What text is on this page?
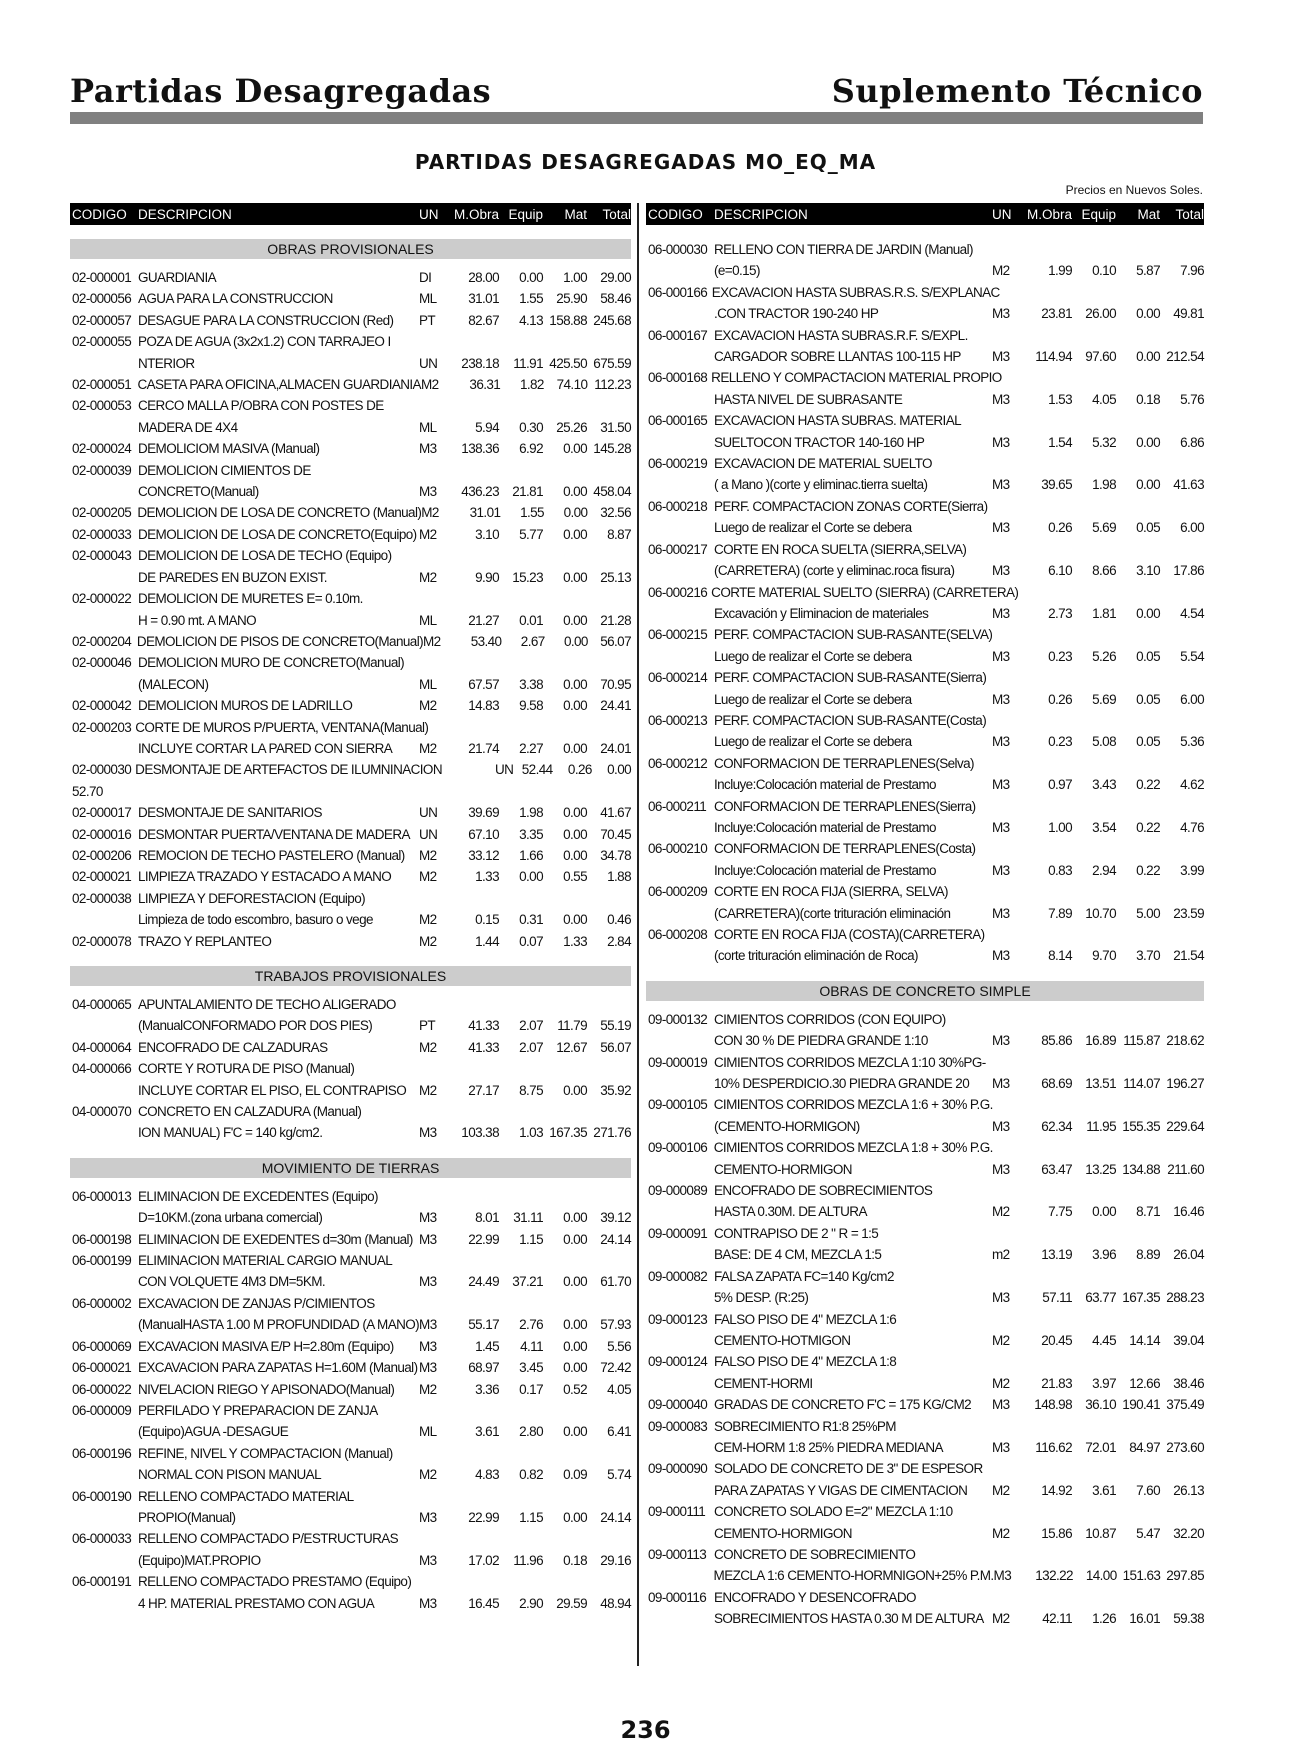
Partidas Desagregadas	Suplemento Técnico
PARTIDAS DESAGREGADAS MO_EQ_MA
Precios en Nuevos Soles.
CODIGO DESCRIPCION	UN	M.Obra Equip	Mat	Total
OBRAS PROVISIONALES
02-000001 GUARDIANIA	DI	28.00	0.00	1.00 29.00
02-000056 AGUA PARA LA CONSTRUCCION	ML	31.01	1.55 25.90 58.46
02-000057 DESAGUE PARA LA CONSTRUCCION (Red)	PT	82.67	4.13 158.88 245.68
02-000055 POZA DE AGUA (3x2x1.2) CON TARRAJEO I
NTERIOR	UN	238.18	11.91 425.50 675.59
02-000051 CASETA PARA OFICINA,ALMACEN GUARDIANIA M2	36.31	1.82 74.10 112.23
02-000053 CERCO MALLA P/OBRA CON POSTES DE
MADERA DE 4X4	ML	5.94	0.30 25.26 31.50
02-000024 DEMOLICIOM MASIVA (Manual)	M3	138.36	6.92	0.00 145.28
02-000039 DEMOLICION CIMIENTOS DE
CONCRETO(Manual)	M3	436.23 21.81	0.00 458.04
02-000205 DEMOLICION DE LOSA DE CONCRETO (Manual) M2	31.01	1.55	0.00 32.56
02-000033 DEMOLICION DE LOSA DE CONCRETO(Equipo) M2	3.10	5.77	0.00	8.87
02-000043 DEMOLICION DE LOSA DE TECHO (Equipo)
DE PAREDES EN BUZON EXIST.	M2	9.90 15.23	0.00 25.13
02-000022 DEMOLICION DE MURETES E= 0.10m.
H = 0.90 mt. A MANO	ML	21.27	0.01	0.00 21.28
02-000204 DEMOLICION DE PISOS DE CONCRETO(Manual) M2	53.40	2.67	0.00 56.07
02-000046 DEMOLICION MURO DE CONCRETO(Manual)
(MALECON)	ML	67.57	3.38	0.00 70.95
02-000042 DEMOLICION MUROS DE LADRILLO	M2	14.83	9.58	0.00 24.41
02-000203 CORTE DE MUROS P/PUERTA, VENTANA(Manual)
INCLUYE CORTAR LA PARED CON SIERRA	M2	21.74	2.27	0.00 24.01
02-000030 DESMONTAJE DE ARTEFACTOS DE ILUMNINACION	UN 52.44	0.26	0.00
52.70
02-000017 DESMONTAJE DE SANITARIOS	UN	39.69	1.98	0.00 41.67
02-000016 DESMONTAR PUERTA/VENTANA DE MADERA UN	67.10	3.35	0.00 70.45
02-000206 REMOCION DE TECHO PASTELERO (Manual)	M2	33.12	1.66	0.00 34.78
02-000021 LIMPIEZA TRAZADO Y ESTACADO A MANO	M2	1.33	0.00	0.55	1.88
02-000038 LIMPIEZA Y DEFORESTACION (Equipo)
Limpieza de todo escombro, basuro o vege	M2	0.15	0.31	0.00	0.46
02-000078 TRAZO Y REPLANTEO	M2	1.44	0.07	1.33	2.84
TRABAJOS PROVISIONALES
04-000065 APUNTALAMIENTO DE TECHO ALIGERADO
(ManualCONFORMADO POR DOS PIES)	PT	41.33	2.07	11.79 55.19
04-000064 ENCOFRADO DE CALZADURAS	M2	41.33	2.07 12.67 56.07
04-000066 CORTE Y ROTURA DE PISO (Manual)
INCLUYE CORTAR EL PISO, EL CONTRAPISO M2	27.17	8.75	0.00 35.92
04-000070 CONCRETO EN CALZADURA (Manual)
ION MANUAL) F'C = 140 kg/cm2.	M3	103.38	1.03 167.35 271.76
MOVIMIENTO DE TIERRAS
06-000013 ELIMINACION DE EXCEDENTES (Equipo)
D=10KM.(zona urbana comercial)	M3	8.01	31.11	0.00 39.12
06-000198 ELIMINACION DE EXEDENTES d=30m (Manual) M3	22.99	1.15	0.00 24.14
06-000199 ELIMINACION MATERIAL CARGIO MANUAL
CON VOLQUETE 4M3 DM=5KM.	M3	24.49 37.21	0.00 61.70
06-000002 EXCAVACION DE ZANJAS P/CIMIENTOS
(ManualHASTA 1.00 M PROFUNDIDAD (A MANO) M3	55.17	2.76	0.00 57.93
06-000069 EXCAVACION MASIVA E/P H=2.80m (Equipo)	M3	1.45	4.11	0.00	5.56
06-000021 EXCAVACION PARA ZAPATAS H=1.60M (Manual) M3	68.97	3.45	0.00 72.42
06-000022 NIVELACION RIEGO Y APISONADO(Manual)	M2	3.36	0.17	0.52	4.05
06-000009 PERFILADO Y PREPARACION DE ZANJA
(Equipo)AGUA -DESAGUE	ML	3.61	2.80	0.00	6.41
06-000196 REFINE, NIVEL Y COMPACTACION (Manual)
NORMAL CON PISON MANUAL	M2	4.83	0.82	0.09	5.74
06-000190 RELLENO COMPACTADO MATERIAL
PROPIO(Manual)	M3	22.99	1.15	0.00 24.14
06-000033 RELLENO COMPACTADO P/ESTRUCTURAS
(Equipo)MAT.PROPIO	M3	17.02	11.96	0.18 29.16
06-000191 RELLENO COMPACTADO PRESTAMO (Equipo)
4 HP. MATERIAL PRESTAMO CON AGUA	M3	16.45	2.90 29.59 48.94
CODIGO DESCRIPCION	UN	M.Obra Equip	Mat	Total
06-000030 RELLENO CON TIERRA DE JARDIN (Manual)
(e=0.15)	M2	1.99	0.10	5.87	7.96
06-000166 EXCAVACION HASTA SUBRAS.R.S. S/EXPLANAC
.CON TRACTOR 190-240 HP	M3	23.81 26.00	0.00 49.81
06-000167 EXCAVACION HASTA SUBRAS.R.F. S/EXPL.
CARGADOR SOBRE LLANTAS 100-115 HP	M3	114.94 97.60	0.00 212.54
06-000168 RELLENO Y COMPACTACION MATERIAL PROPIO
HASTA NIVEL DE SUBRASANTE	M3	1.53	4.05	0.18	5.76
06-000165 EXCAVACION HASTA SUBRAS. MATERIAL
SUELTOCON TRACTOR 140-160 HP	M3	1.54	5.32	0.00	6.86
06-000219 EXCAVACION DE MATERIAL SUELTO
( a Mano )(corte y eliminac.tierra suelta)	M3	39.65	1.98	0.00 41.63
06-000218 PERF. COMPACTACION ZONAS CORTE(Sierra)
Luego de realizar el Corte se debera	M3	0.26	5.69	0.05	6.00
06-000217 CORTE EN ROCA SUELTA (SIERRA,SELVA)
(CARRETERA) (corte y eliminac.roca fisura)	M3	6.10	8.66	3.10 17.86
06-000216 CORTE MATERIAL SUELTO (SIERRA) (CARRETERA)
Excavación y Eliminacion de materiales	M3	2.73	1.81	0.00	4.54
06-000215 PERF. COMPACTACION SUB-RASANTE(SELVA)
Luego de realizar el Corte se debera	M3	0.23	5.26	0.05	5.54
06-000214 PERF. COMPACTACION SUB-RASANTE(Sierra)
Luego de realizar el Corte se debera	M3	0.26	5.69	0.05	6.00
06-000213 PERF. COMPACTACION SUB-RASANTE(Costa)
Luego de realizar el Corte se debera	M3	0.23	5.08	0.05	5.36
06-000212 CONFORMACION DE TERRAPLENES(Selva)
Incluye:Colocación material de Prestamo	M3	0.97	3.43	0.22	4.62
06-000211 CONFORMACION DE TERRAPLENES(Sierra)
Incluye:Colocación material de Prestamo	M3	1.00	3.54	0.22	4.76
06-000210 CONFORMACION DE TERRAPLENES(Costa)
Incluye:Colocación material de Prestamo	M3	0.83	2.94	0.22	3.99
06-000209 CORTE EN ROCA FIJA (SIERRA, SELVA)
(CARRETERA)(corte trituración eliminación	M3	7.89 10.70	5.00 23.59
06-000208 CORTE EN ROCA FIJA (COSTA)(CARRETERA)
(corte trituración eliminación de Roca)	M3	8.14	9.70	3.70 21.54
OBRAS DE CONCRETO SIMPLE
09-000132 CIMIENTOS CORRIDOS (CON EQUIPO)
CON 30 % DE PIEDRA GRANDE 1:10	M3	85.86 16.89 115.87 218.62
09-000019 CIMIENTOS CORRIDOS MEZCLA 1:10 30%PG-
10% DESPERDICIO.30 PIEDRA GRANDE 20	M3	68.69 13.51 114.07 196.27
09-000105 CIMIENTOS CORRIDOS MEZCLA 1:6 + 30% P.G.
(CEMENTO-HORMIGON)	M3	62.34	11.95 155.35 229.64
09-000106 CIMIENTOS CORRIDOS MEZCLA 1:8 + 30% P.G.
CEMENTO-HORMIGON	M3	63.47 13.25 134.88 211.60
09-000089 ENCOFRADO DE SOBRECIMIENTOS
HASTA 0.30M. DE ALTURA	M2	7.75	0.00	8.71 16.46
09-000091 CONTRAPISO DE 2 " R = 1:5
BASE: DE 4 CM, MEZCLA 1:5	m2	13.19	3.96	8.89 26.04
09-000082 FALSA ZAPATA FC=140 Kg/cm2
5% DESP. (R:25)	M3	57.11 63.77 167.35 288.23
09-000123 FALSO PISO DE 4" MEZCLA 1:6
CEMENTO-HOTMIGON	M2	20.45	4.45 14.14 39.04
09-000124 FALSO PISO DE 4" MEZCLA 1:8
CEMENT-HORMI	M2	21.83	3.97 12.66 38.46
09-000040 GRADAS DE CONCRETO F'C = 175 KG/CM2	M3	148.98 36.10 190.41 375.49
09-000083 SOBRECIMIENTO R1:8 25%PM
CEM-HORM 1:8 25% PIEDRA MEDIANA	M3	116.62 72.01 84.97 273.60
09-000090 SOLADO DE CONCRETO DE 3" DE ESPESOR
PARA ZAPATAS Y VIGAS DE CIMENTACION	M2	14.92	3.61	7.60 26.13
09-000111 CONCRETO SOLADO E=2" MEZCLA 1:10
CEMENTO-HORMIGON	M2	15.86 10.87	5.47 32.20
09-000113 CONCRETO DE SOBRECIMIENTO
MEZCLA 1:6 CEMENTO-HORMNIGON+25% P.M. M3	132.22 14.00 151.63 297.85
09-000116 ENCOFRADO Y DESENCOFRADO
SOBRECIMIENTOS HASTA 0.30 M DE ALTURA M2	42.11	1.26 16.01 59.38
236
